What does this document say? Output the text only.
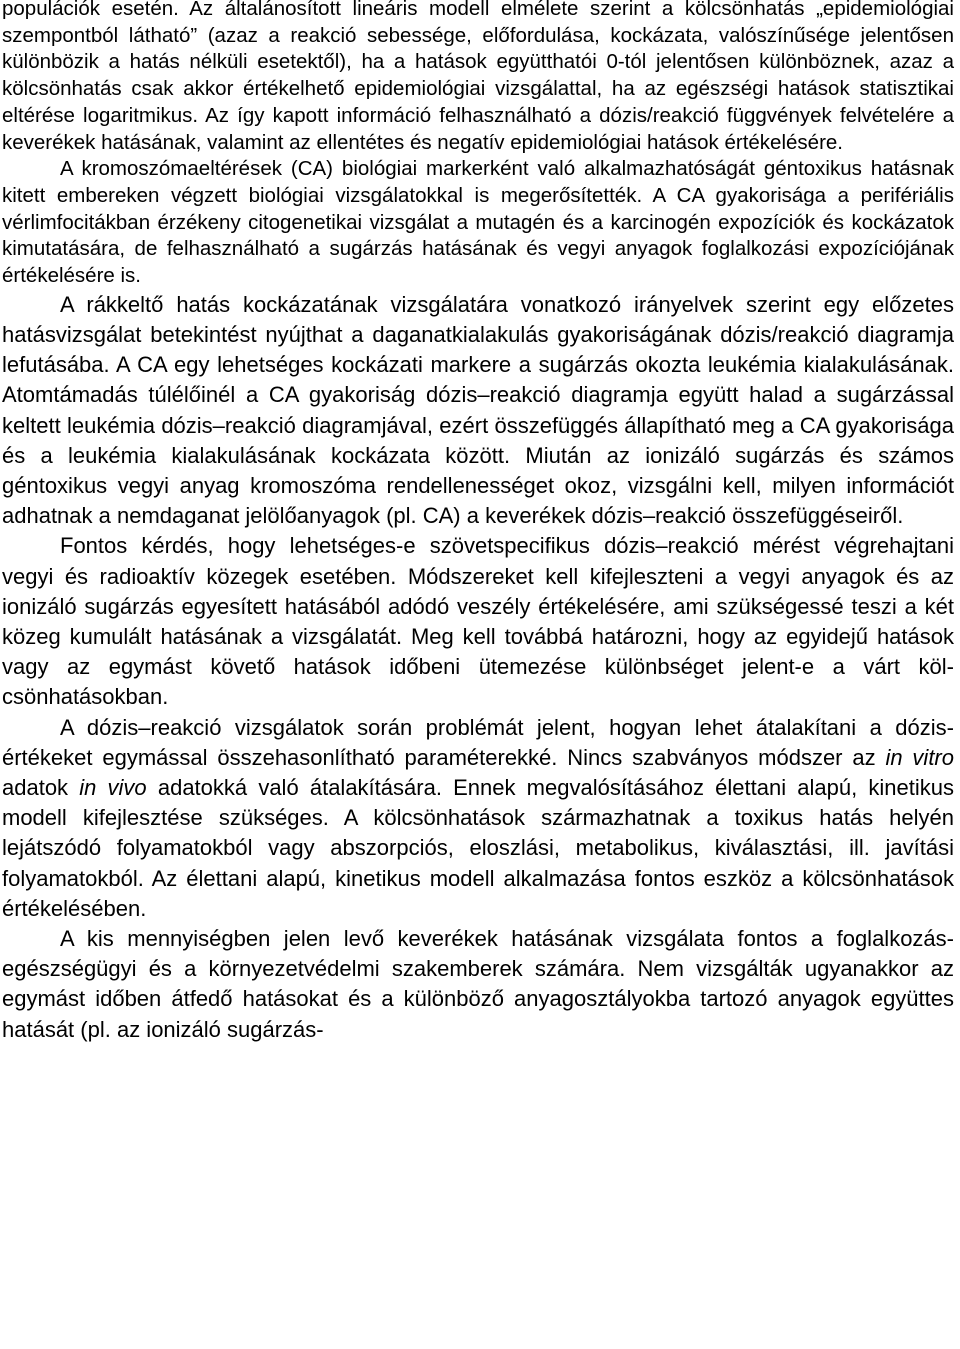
populációk esetén. Az általánosított lineáris modell elmélete szerint a kölcsönhatás „epidemiológiai szempontból látható” (azaz a reakció sebessége, előfordulása, kockázata, valószínűsége jelentősen különbözik a hatás nélküli esetektől), ha a hatások együtthatói 0-tól jelentősen különböznek, azaz a kölcsönhatás csak akkor értékelhető epidemiológiai vizsgálattal, ha az egészségi hatások statisztikai eltérése logaritmikus. Az így kapott információ felhasználható a dózis/reakció függvények felvételére a keverékek hatásának, valamint az ellentétes és negatív epidemiológiai hatások értékelésére.

A kromoszómaeltérések (CA) biológiai markerként való alkalmazhatóságát géntoxikus hatásnak kitett embereken végzett biológiai vizsgálatokkal is megerősítették. A CA gyakorisága a perifériális vérlimfocitákban érzékeny citogenetikai vizsgálat a mutagén és a karcinogén expozíciók és kockázatok kimutatására, de felhasználható a sugárzás hatásának és vegyi anyagok foglalkozási expozíciójának értékelésére is.

A rákkeltő hatás kockázatának vizsgálatára vonatkozó irányelvek szerint egy előzetes hatásvizsgálat betekintést nyújthat a daganatkialakulás gyakoriságának dózis/reakció diagramja lefutásába. A CA egy lehetséges kockázati markere a sugárzás okozta leukémia kialakulásának. Atomtámadás túlélőinél a CA gyakoriság dózis–reakció diagramja együtt halad a sugárzással keltett leukémia dózis–reakció diagramjával, ezért összefüggés állapítható meg a CA gyakorisága és a leukémia kialakulásának kockázata között. Miután az ionizáló sugárzás és számos géntoxikus vegyi anyag kromoszóma rendellenességet okoz, vizsgálni kell, milyen információt adhatnak a nemdaganat jelölőanyagok (pl. CA) a keverékek dózis–reakció összefüggéseiről.

Fontos kérdés, hogy lehetséges-e szövetspecifikus dózis–reakció mérést végrehajtani vegyi és radioaktív közegek esetében. Módszereket kell kifejleszteni a vegyi anyagok és az ionizáló sugárzás egyesített hatásából adódó veszély értékelésére, ami szükségessé teszi a két közeg kumulált hatásának a vizsgálatát. Meg kell továbbá határozni, hogy az egyidejű hatások vagy az egymást követő hatások időbeni ütemezése különbséget jelent-e a várt kölcsönhatásokban.

A dózis–reakció vizsgálatok során problémát jelent, hogyan lehet átalakítani a dózis-értékeket egymással összehasonlítható paraméterekké. Nincs szabványos módszer az in vitro adatok in vivo adatokká való átalakítására. Ennek megvalósításához élettani alapú, kinetikus modell kifejlesztése szükséges. A kölcsönhatások származhatnak a toxikus hatás helyén lejátszódó folyamatokból vagy abszorpciós, eloszlási, metabolikus, kiválasztási, ill. javítási folyamatokból. Az élettani alapú, kinetikus modell alkalmazása fontos eszköz a kölcsönhatások értékelésében.

A kis mennyiségben jelen levő keverékek hatásának vizsgálata fontos a foglalkozás-egészségügyi és a környezetvédelmi szakemberek számára. Nem vizsgálták ugyanakkor az egymást időben átfedő hatásokat és a különböző anyagosztályokba tartozó anyagok együttes hatását (pl. az ionizáló sugárzás-
